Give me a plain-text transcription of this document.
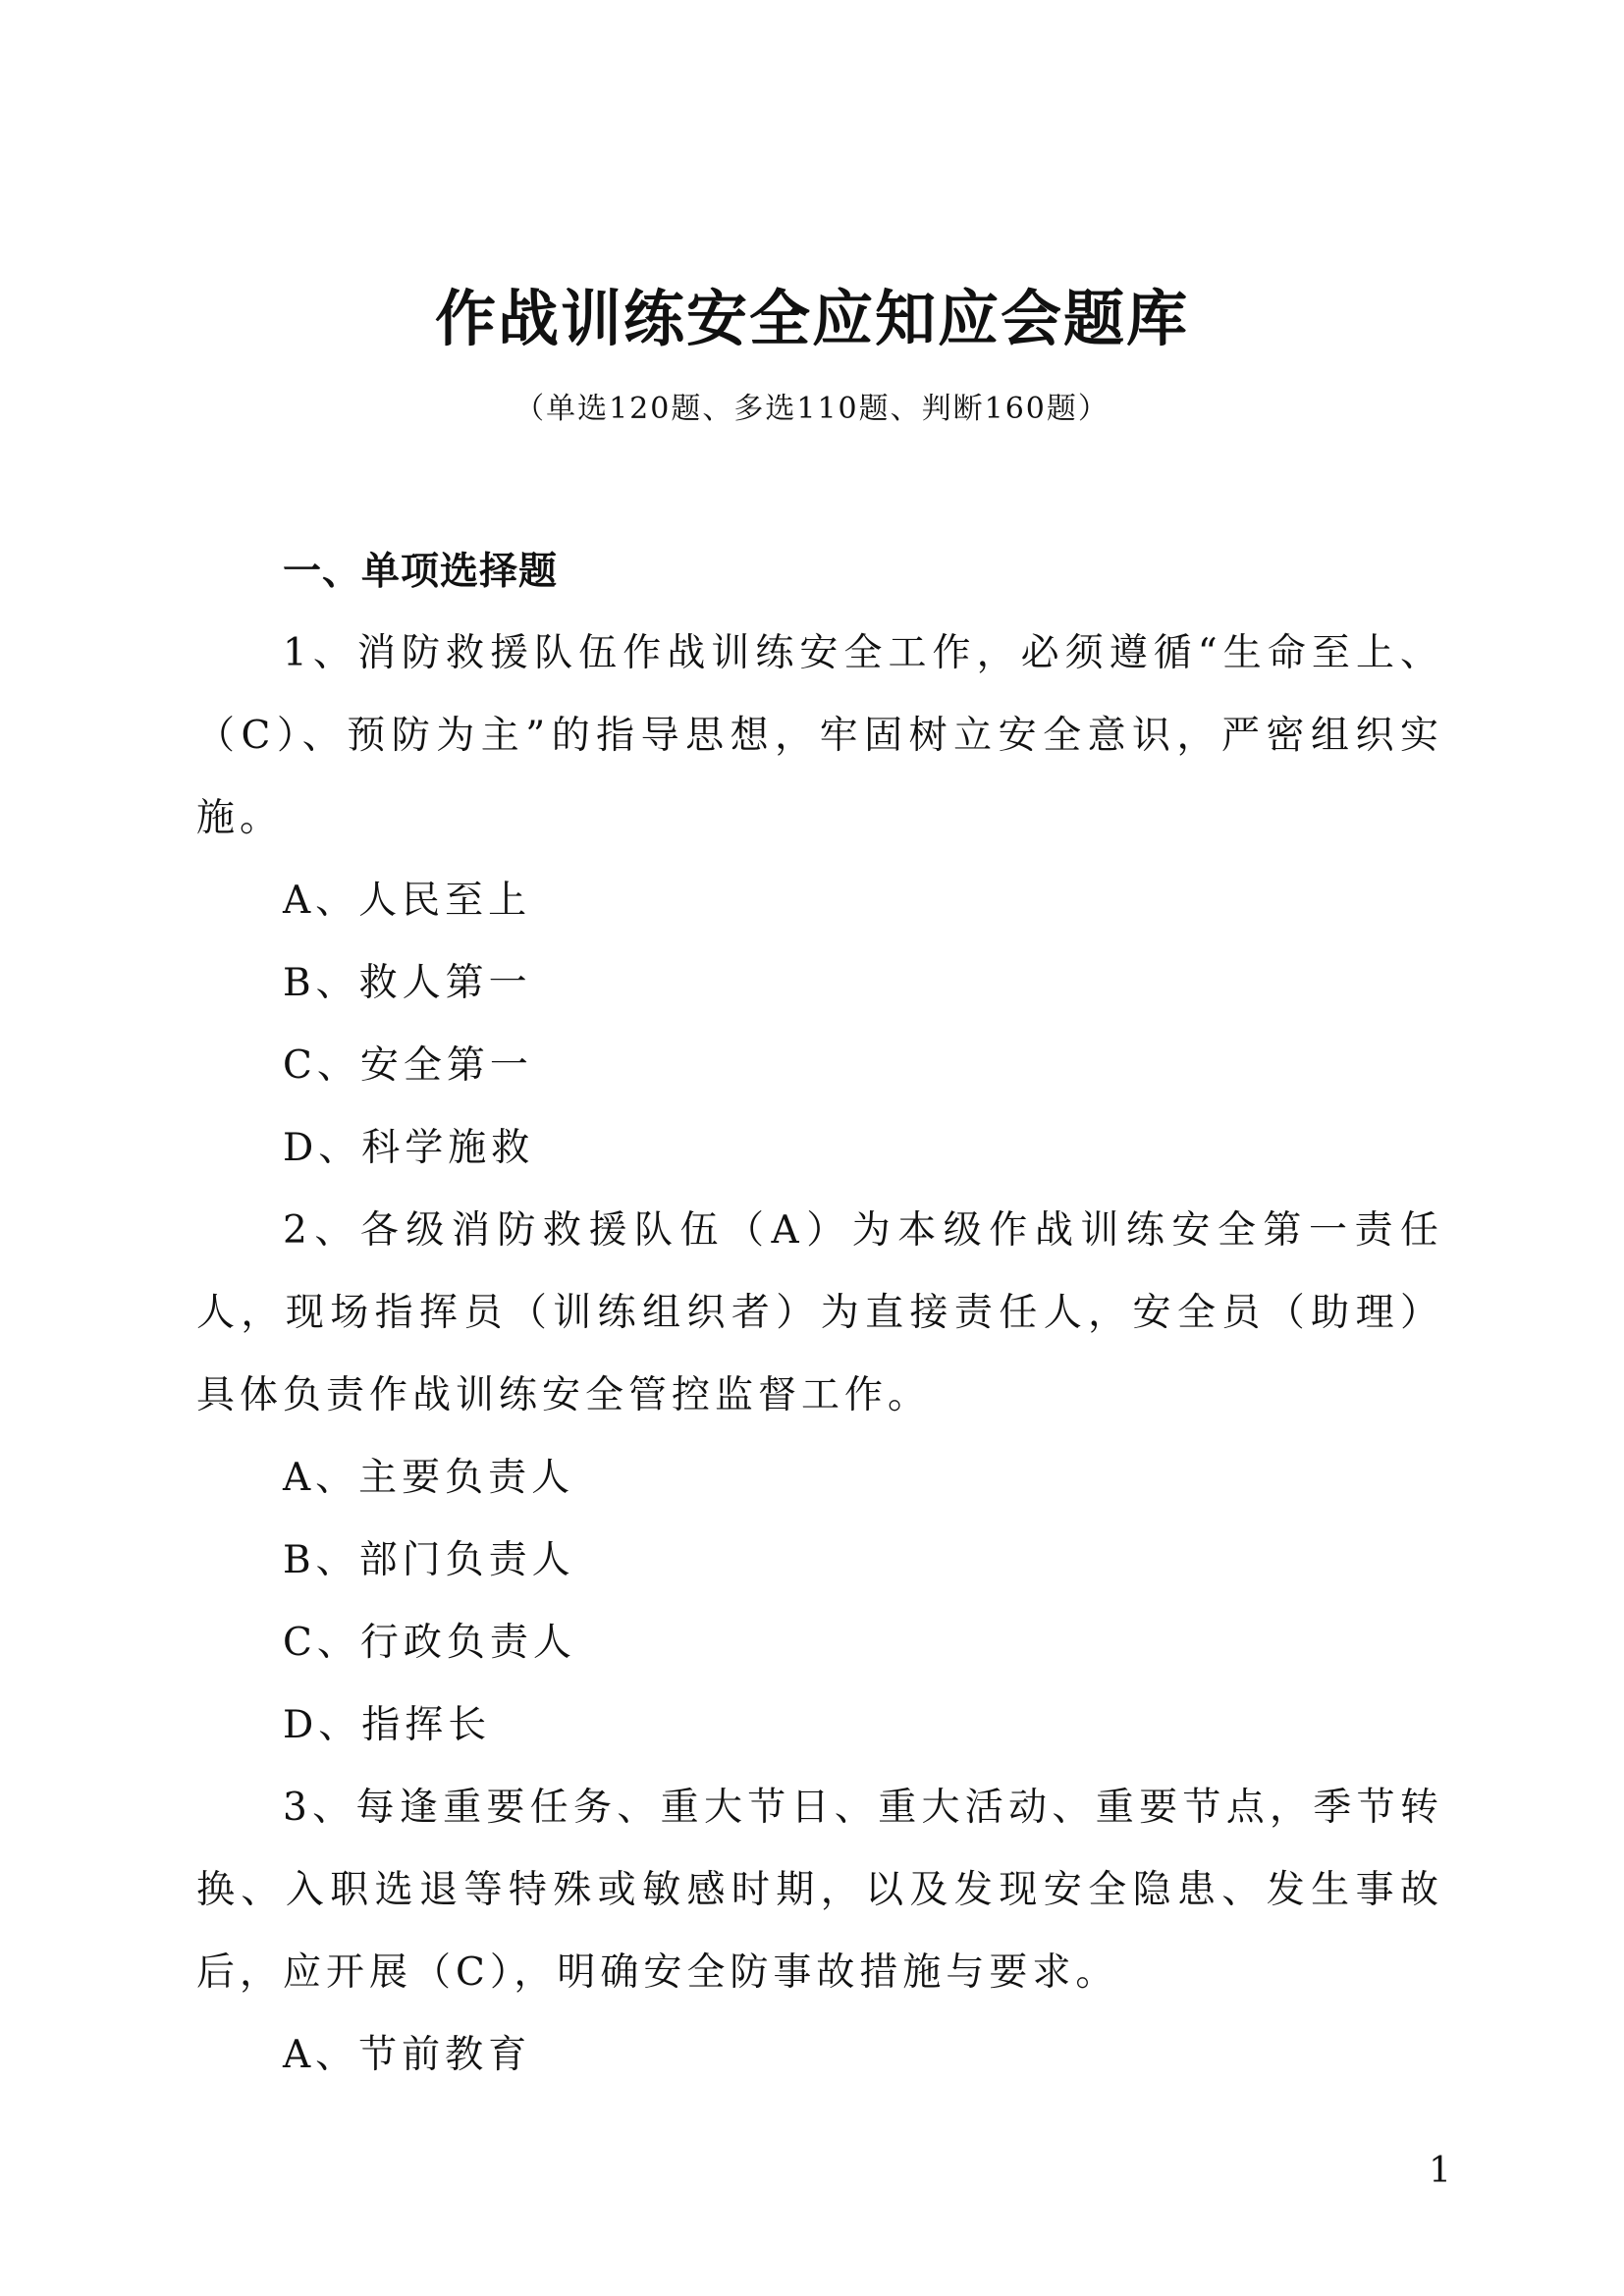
作战训练安全应知应会题库
（单选120题、多选110题、判断160题）
一、单项选择题

1、消防救援队伍作战训练安全工作，必须遵循“生命至上、（C）、预防为主”的指导思想，牢固树立安全意识，严密组织实施。

A、人民至上

B、救人第一

C、安全第一

D、科学施救

2、各级消防救援队伍（A）为本级作战训练安全第一责任人，现场指挥员（训练组织者）为直接责任人，安全员（助理）具体负责作战训练安全管控监督工作。

A、主要负责人

B、部门负责人

C、行政负责人

D、指挥长

3、每逢重要任务、重大节日、重大活动、重要节点，季节转换、入职选退等特殊或敏感时期，以及发现安全隐患、发生事故后，应开展（C），明确安全防事故措施与要求。

A、节前教育

1
